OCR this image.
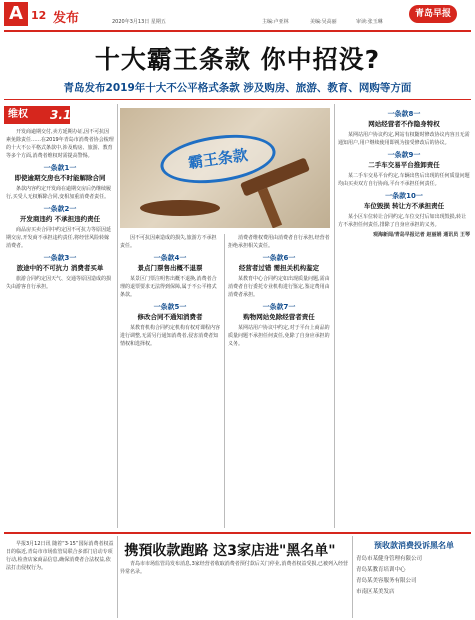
A 12 发布	2020年3月13日 星期五	主编:卢亚林	美编:吴高丽	审读:张玉琳
青岛早报
十大霸王条款 你中招没?
青岛发布2019年十大不公平格式条款 涉及购房、旅游、教育、网购等方面
维权	3.15
霸王条款

开发商逾期交付,卖方延期办证,因不可抗因素免除责任……在2019年青岛市消费者协会梳理的十大不公平格式条款中,涉及购房、旅游、教育等多个方面,消费者维权时需提高警惕。

一条款1一
即使逾期交房也不时能解除合同

条款内容约定开发商在逾期交房后仍继续履行,买受人无权解除合同,变相加重消费者责任。

一条款2一
开发商违约 不承担违约责任

商品房买卖合同中约定因不可抗力等原因延期交房,开发商不承担违约责任,将经营风险转嫁消费者。

一条款3一
旅途中的不可抗力 消费者买单

旅游合同约定因天气、交通等原因造成的损失由游客自行承担。

因不可抗因素造成的损失,旅游方不承担责任。

一条款4一
景点门票售出概不退票

某景区门票注明售出概不退换,消费者合理的退票要求无法得到保障,属于不公平格式条款。

一条款5一
修改合同不通知消费者

某教育机构合同约定机构有权对课程内容进行调整,无需另行通知消费者,侵害消费者知情权和选择权。

消费者维权费用由消费者自行承担,经营者拒绝承担相关责任。

一条款6一
经营者过错 需担关机构鉴定

某教育中心合同约定如出现质量问题,需由消费者自行委托专业机构进行鉴定,鉴定费用由消费者承担。

一条款7一
购物网站免除经营者责任

某网站用户协议中约定,对于平台上商品的质量问题不承担任何责任,免除了自身应承担的义务。

一条款8一
网站经营者不作隐身特权

某网站用户协议约定,网站有权随时修改协议内容且无需通知用户,用户继续使用即视为接受修改后的协议。

一条款9一
二手车交易平台推卸责任

某二手车交易平台约定,车辆出售后出现的任何质量问题均由买卖双方自行协商,平台不承担任何责任。

一条款10一
车位毁损 转让方不承担责任

某小区车位转让合同约定,车位交付后如出现毁损,转让方不承担任何责任,排除了自身应承担的义务。

观海新闻/青岛早报记者 赵丽娟 通讯员 王琴

早报3月12日讯 随着“3·15”国际消费者权益日的临近,青岛市市场监管局联合多部门启动专项行动,检查店家商品信息,确保消费者合法权益,依法打击侵权行为。

携預收款跑路 这3家店进"黑名单"

青岛市市场监管局发布消息,3家经营者收取消费者预付款后关门停业,消费者权益受损,已被列入经营异常名录。

预收款消费投诉黑名单
青岛市某健身管理有限公司
青岛某教育培训中心
青岛某美容服务有限公司
市南区某美发店
